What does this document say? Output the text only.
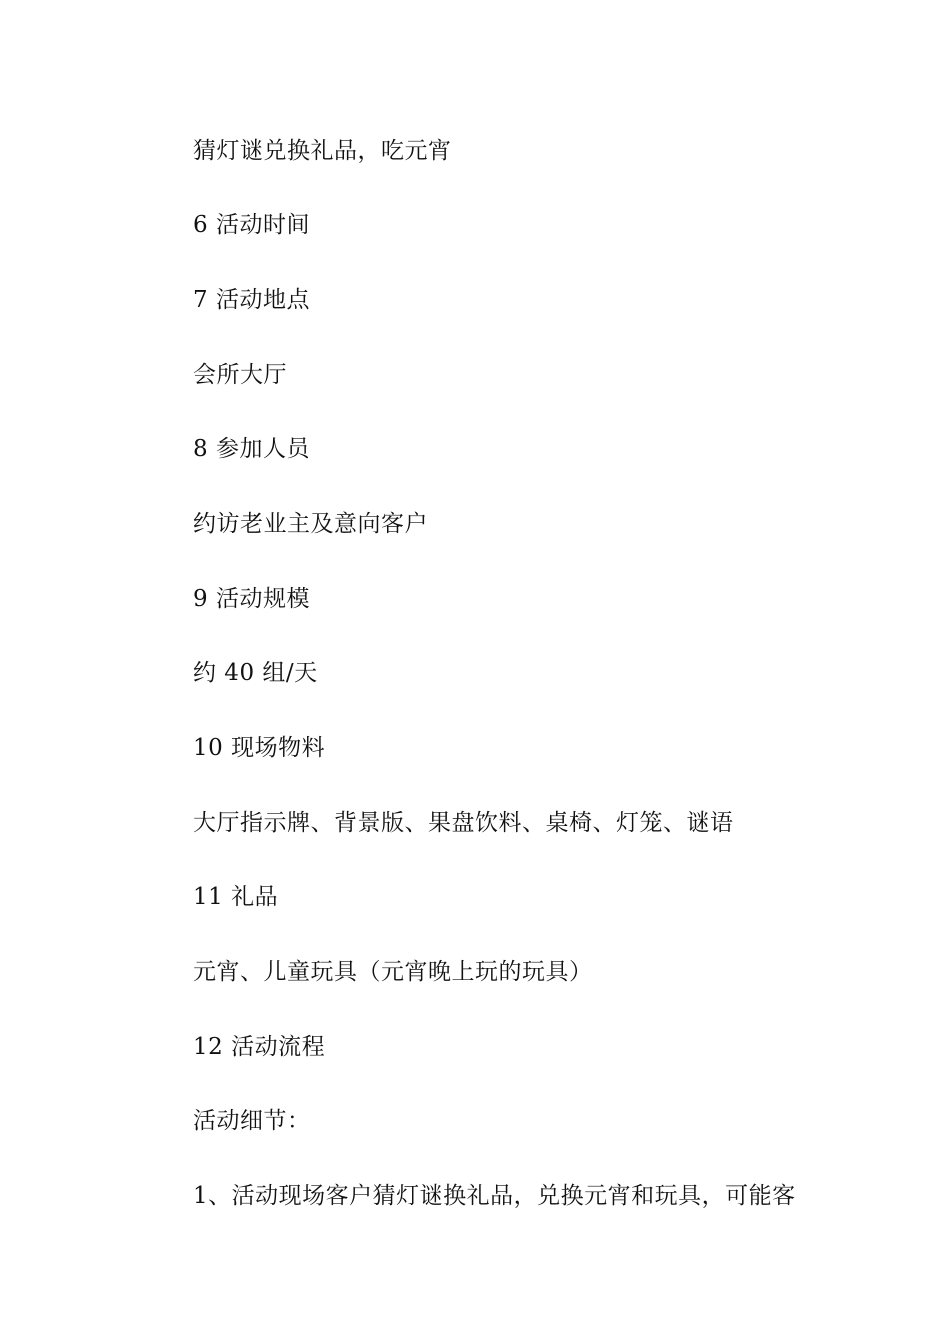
猜灯谜兑换礼品，吃元宵
6 活动时间
7 活动地点
会所大厅
8 参加人员
约访老业主及意向客户
9 活动规模
约 40 组/天
10 现场物料
大厅指示牌、背景版、果盘饮料、桌椅、灯笼、谜语
11 礼品
元宵、儿童玩具（元宵晚上玩的玩具）
12 活动流程
活动细节：
1、活动现场客户猜灯谜换礼品，兑换元宵和玩具，可能客
